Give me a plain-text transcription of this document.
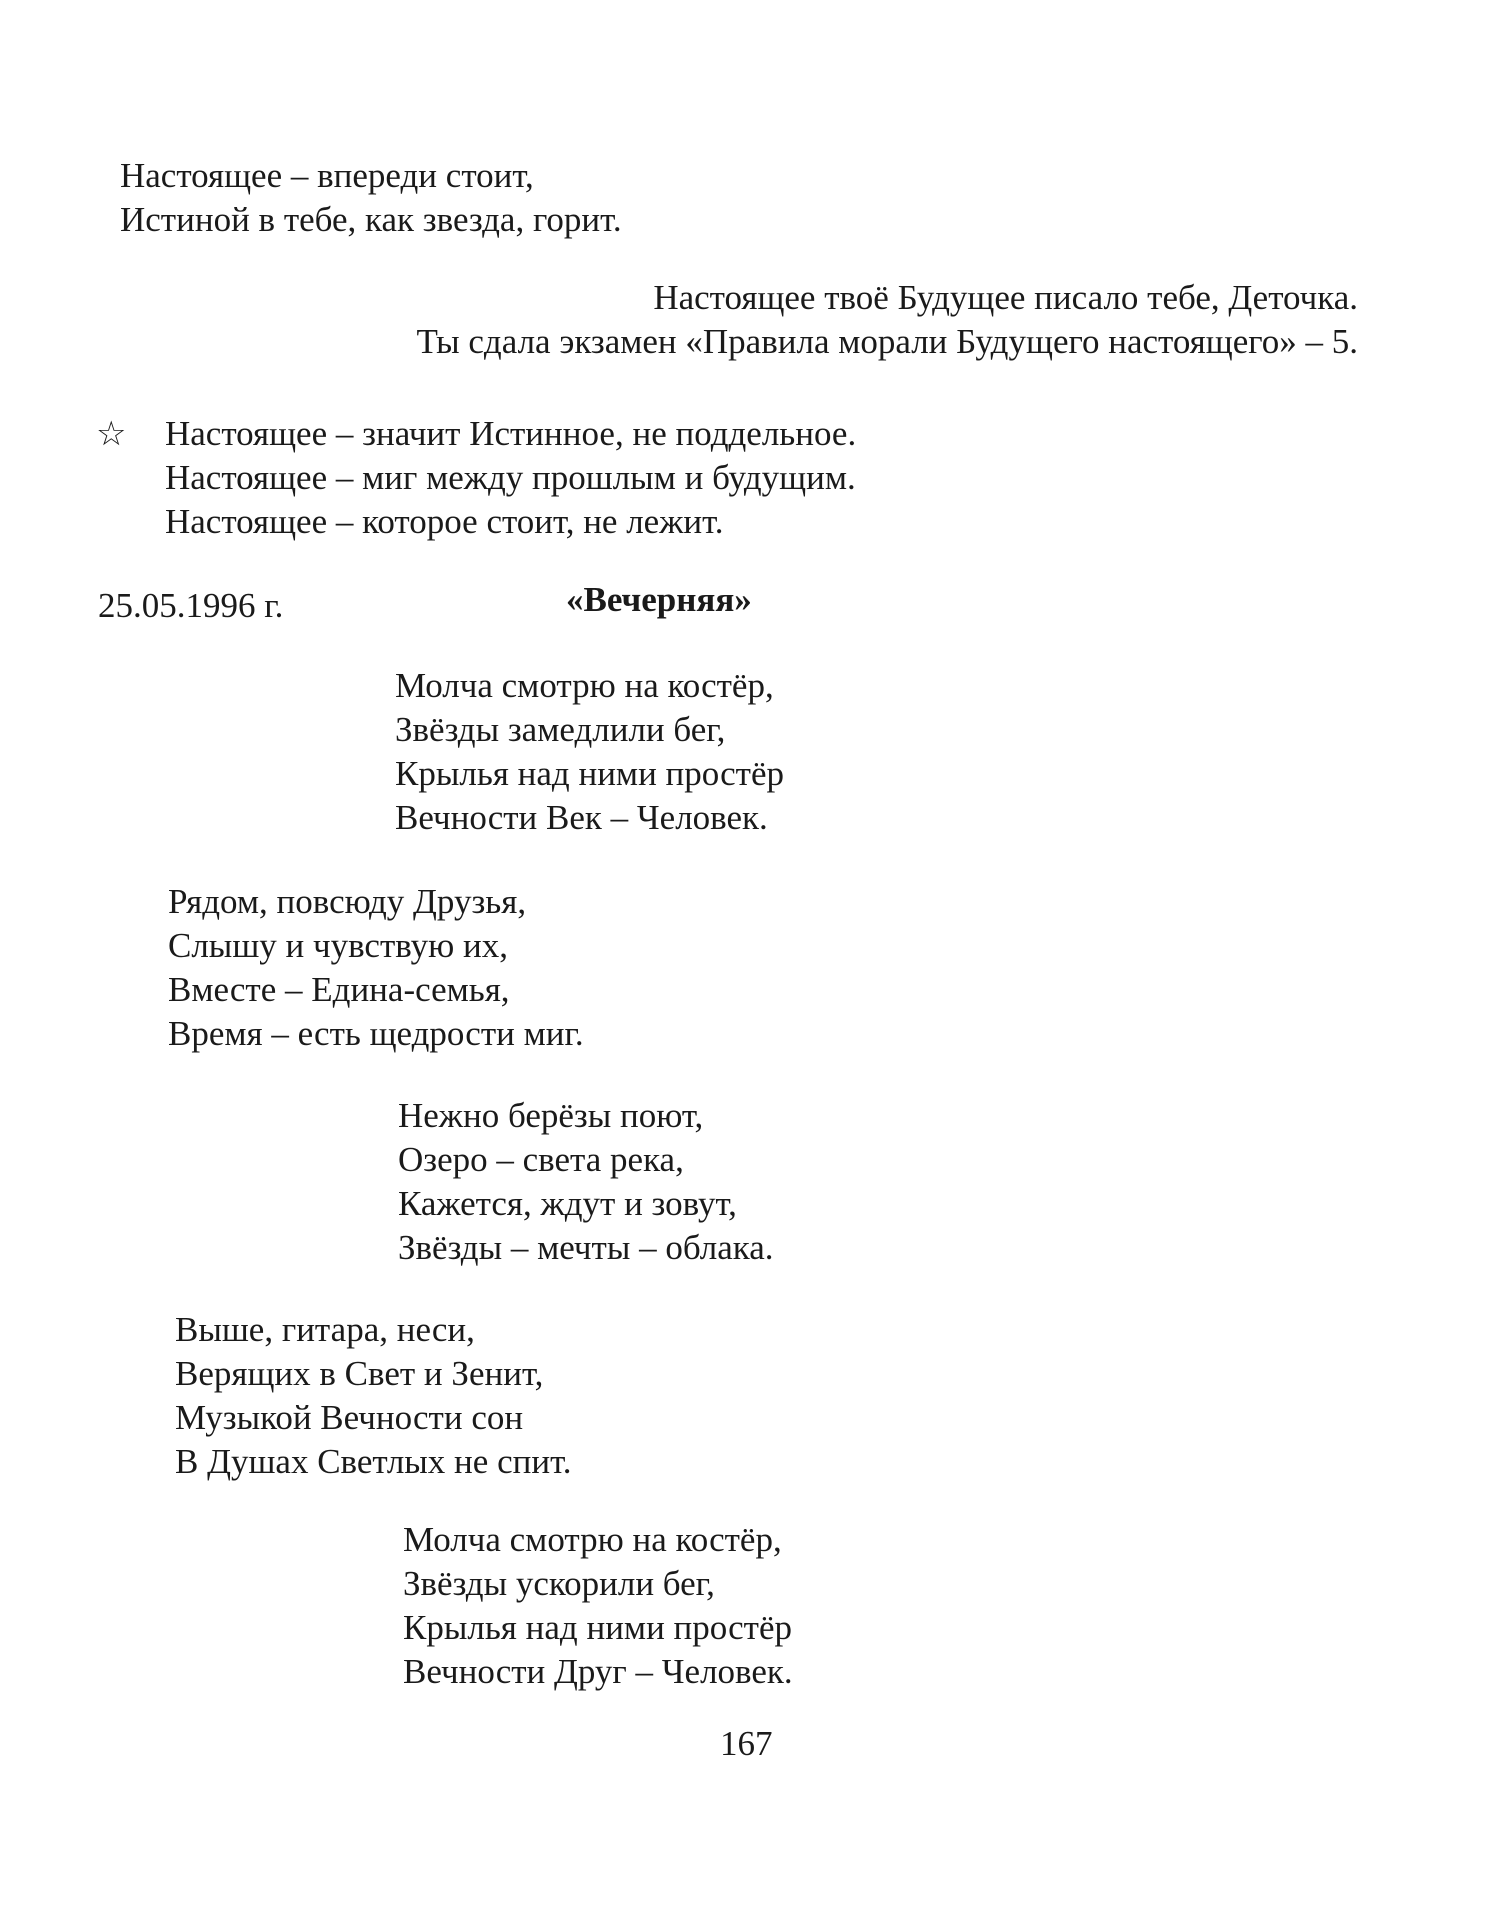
Настоящее – впереди стоит,
Истиной в тебе, как звезда, горит.
Настоящее твоё Будущее писало тебе, Деточка.
Ты сдала экзамен «Правила морали Будущего настоящего» – 5.
☆ Настоящее – значит Истинное, не поддельное.
Настоящее – миг между прошлым и будущим.
Настоящее – которое стоит, не лежит.
25.05.1996 г.	«Вечерняя»
Молча смотрю на костёр,
Звёзды замедлили бег,
Крылья над ними простёр
Вечности Век – Человек.
Рядом, повсюду Друзья,
Слышу и чувствую их,
Вместе – Едина-семья,
Время – есть щедрости миг.
Нежно берёзы поют,
Озеро – света река,
Кажется, ждут и зовут,
Звёзды – мечты – облака.
Выше, гитара, неси,
Верящих в Свет и Зенит,
Музыкой Вечности сон
В Душах Светлых не спит.
Молча смотрю на костёр,
Звёзды ускорили бег,
Крылья над ними простёр
Вечности Друг – Человек.
167
